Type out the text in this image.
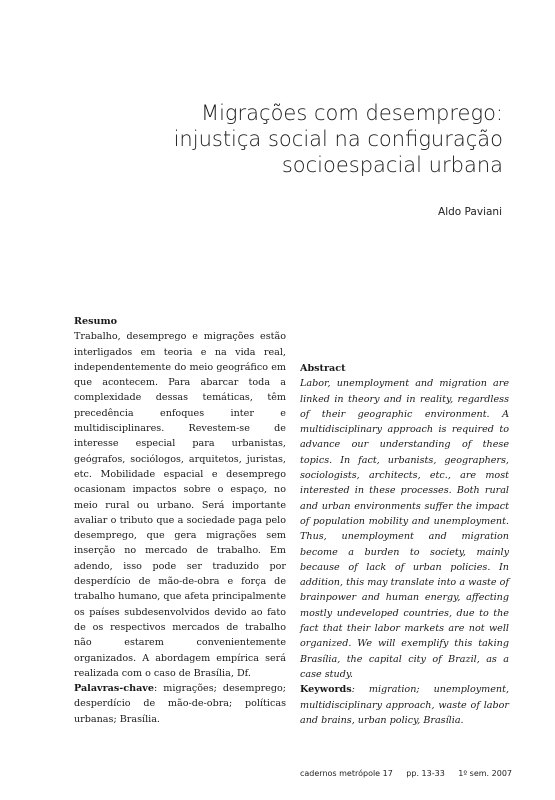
Migrações com desemprego:
injustiça social na configuração
socioespacial urbana
Aldo Paviani
Resumo
Trabalho, desemprego e migrações estão interligados em teoria e na vida real, independentemente do meio geográfico em que acontecem. Para abarcar toda a complexidade dessas temáticas, têm precedência enfoques inter e multidisciplinares. Revestem-se de interesse especial para urbanistas, geógrafos, sociólogos, arquitetos, juristas, etc. Mobilidade espacial e desemprego ocasionam impactos sobre o espaço, no meio rural ou urbano. Será importante avaliar o tributo que a sociedade paga pelo desemprego, que gera migrações sem inserção no mercado de trabalho. Em adendo, isso pode ser traduzido por desperdício de mão-de-obra e força de trabalho humano, que afeta principalmente os países subdesenvolvidos devido ao fato de os respectivos mercados de trabalho não estarem convenientemente organizados. A abordagem empírica será realizada com o caso de Brasília, Df.
Palavras-chave: migrações; desemprego; desperdício de mão-de-obra; políticas urbanas; Brasília.
Abstract
Labor, unemployment and migration are linked in theory and in reality, regardless of their geographic environment. A multidisciplinary approach is required to advance our understanding of these topics. In fact, urbanists, geographers, sociologists, architects, etc., are most interested in these processes. Both rural and urban environments suffer the impact of population mobility and unemployment. Thus, unemployment and migration become a burden to society, mainly because of lack of urban policies. In addition, this may translate into a waste of brainpower and human energy, affecting mostly undeveloped countries, due to the fact that their labor markets are not well organized. We will exemplify this taking Brasília, the capital city of Brazil, as a case study.
Keywords: migration; unemployment, multidisciplinary approach, waste of labor and brains, urban policy, Brasília.
cadernos metrópole 17 pp. 13-33 1º sem. 2007
